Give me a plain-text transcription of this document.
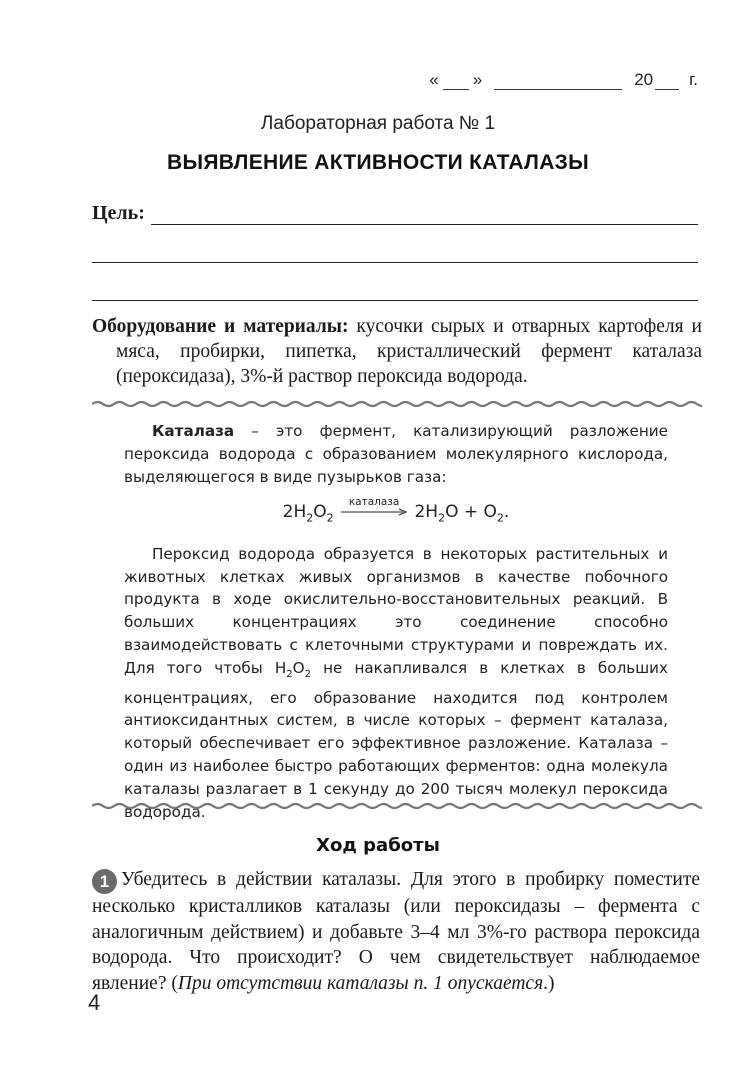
« »	20 г.
Лабораторная работа № 1
ВЫЯВЛЕНИЕ АКТИВНОСТИ КАТАЛАЗЫ
Цель:
Оборудование и материалы: кусочки сырых и отварных картофеля и мяса, пробирки, пипетка, кристаллический фермент каталаза (пероксидаза), 3%-й раствор пероксида водорода.

Каталаза – это фермент, катализирующий разложение пероксида водорода с образованием молекулярного кислорода, выделяющегося в виде пузырьков газа:

$2H_2O_2$
каталаза $2H_2O + O_2$.

Пероксид водорода образуется в некоторых растительных и животных клетках живых организмов в качестве побочного продукта в ходе окислительно-восстановительных реакций. В больших концентрациях это соединение способно взаимодействовать с клеточными структурами и повреждать их. Для того чтобы $H_2O_2$ не накапливался в клетках в больших концентрациях, его образование находится под контролем антиоксидантных систем, в числе которых – фермент каталаза, который обеспечивает его эффективное разложение. Каталаза – один из наиболее быстро работающих ферментов: одна молекула каталазы разлагает в 1 секунду до 200 тысяч молекул пероксида водорода.

Ход работы
1 Убедитесь в действии каталазы. Для этого в пробирку поместите несколько кристалликов каталазы (или пероксидазы – фермента с аналогичным действием) и добавьте 3–4 мл 3%-го раствора пероксида водорода. Что происходит? О чем свидетельствует наблюдаемое явление? (При отсутствии каталазы п. 1 опускается.)
4
